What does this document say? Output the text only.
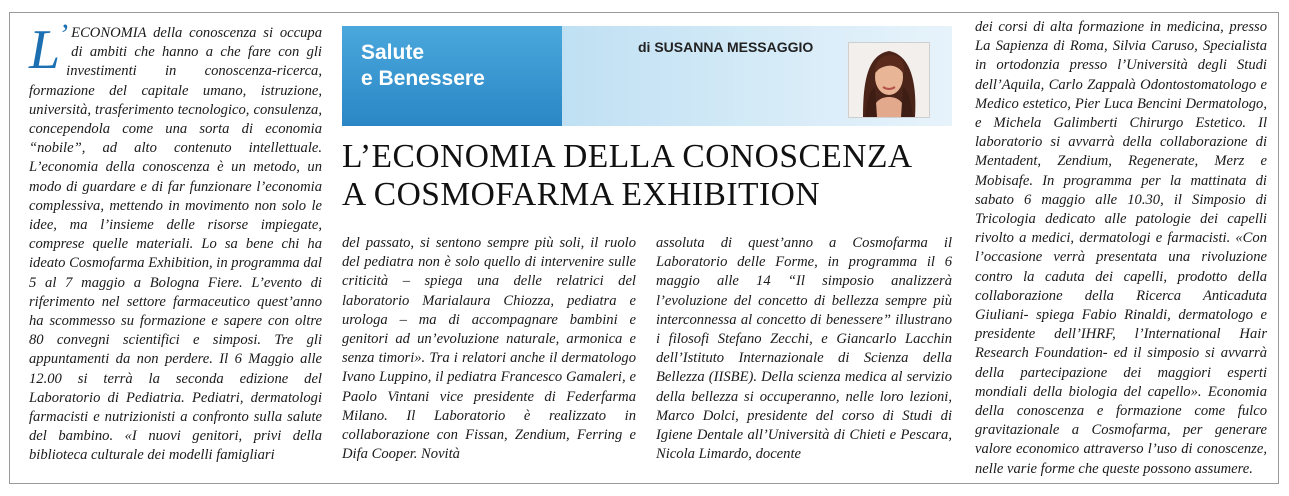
L
’ ECONOMIA della conoscenza si occupa di ambiti che hanno a che fare con gli investimenti in conoscenza-ricerca, formazione del capitale umano, istruzione, università, trasferimento tecnologico, consulenza, concependola come una sorta di economia “nobile”, ad alto contenuto intellettuale. L’economia della conoscenza è un metodo, un modo di guardare e di far funzionare l’economia complessiva, mettendo in movimento non solo le idee, ma l’insieme delle risorse impiegate, comprese quelle materiali. Lo sa bene chi ha ideato Cosmofarma Exhibition, in programma dal 5 al 7 maggio a Bologna Fiere. L’evento di riferimento nel settore farmaceutico quest’anno ha scommesso su formazione e sapere con oltre 80 convegni scientifici e simposi. Tre gli appuntamenti da non perdere. Il 6 Maggio alle 12.00 si terrà la seconda edizione del Laboratorio di Pediatria. Pediatri, dermatologi farmacisti e nutrizionisti a confronto sulla salute del bambino. «I nuovi genitori, privi della biblioteca culturale dei modelli famigliari

Salute
e Benessere
di SUSANNA MESSAGGIO
L’ECONOMIA DELLA CONOSCENZA
A COSMOFARMA EXHIBITION

del passato, si sentono sempre più soli, il ruolo del pediatra non è solo quello di intervenire sulle criticità – spiega una delle relatrici del laboratorio Marialaura Chiozza, pediatra e urologa – ma di accompagnare bambini e genitori ad un’evoluzione naturale, armonica e senza timori». Tra i relatori anche il dermatologo Ivano Luppino, il pediatra Francesco Gamaleri, e Paolo Vintani vice presidente di Federfarma Milano. Il Laboratorio è realizzato in collaborazione con Fissan, Zendium, Ferring e Difa Cooper. Novità

assoluta di quest’anno a Cosmofarma il Laboratorio delle Forme, in programma il 6 maggio alle 14 “Il simposio analizzerà l’evoluzione del concetto di bellezza sempre più interconnessa al concetto di benessere” illustrano i filosofi Stefano Zecchi, e Giancarlo Lacchin dell’Istituto Internazionale di Scienza della Bellezza (IISBE). Della scienza medica al servizio della bellezza si occuperanno, nelle loro lezioni, Marco Dolci, presidente del corso di Studi di Igiene Dentale all’Università di Chieti e Pescara, Nicola Limardo, docente

dei corsi di alta formazione in medicina, presso La Sapienza di Roma, Silvia Caruso, Specialista in ortodonzia presso l’Università degli Studi dell’Aquila, Carlo Zappalà Odontostomatologo e Medico estetico, Pier Luca Bencini Dermatologo, e Michela Galimberti Chirurgo Estetico. Il laboratorio si avvarrà della collaborazione di Mentadent, Zendium, Regenerate, Merz e Mobisafe. In programma per la mattinata di sabato 6 maggio alle 10.30, il Simposio di Tricologia dedicato alle patologie dei capelli rivolto a medici, dermatologi e farmacisti. «Con l’occasione verrà presentata una rivoluzione contro la caduta dei capelli, prodotto della collaborazione della Ricerca Anticaduta Giuliani- spiega Fabio Rinaldi, dermatologo e presidente dell’IHRF, l’International Hair Research Foundation- ed il simposio si avvarrà della partecipazione dei maggiori esperti mondiali della biologia del capello». Economia della conoscenza e formazione come fulco gravitazionale a Cosmofarma, per generare valore economico attraverso l’uso di conoscenze, nelle varie forme che queste possono assumere.
